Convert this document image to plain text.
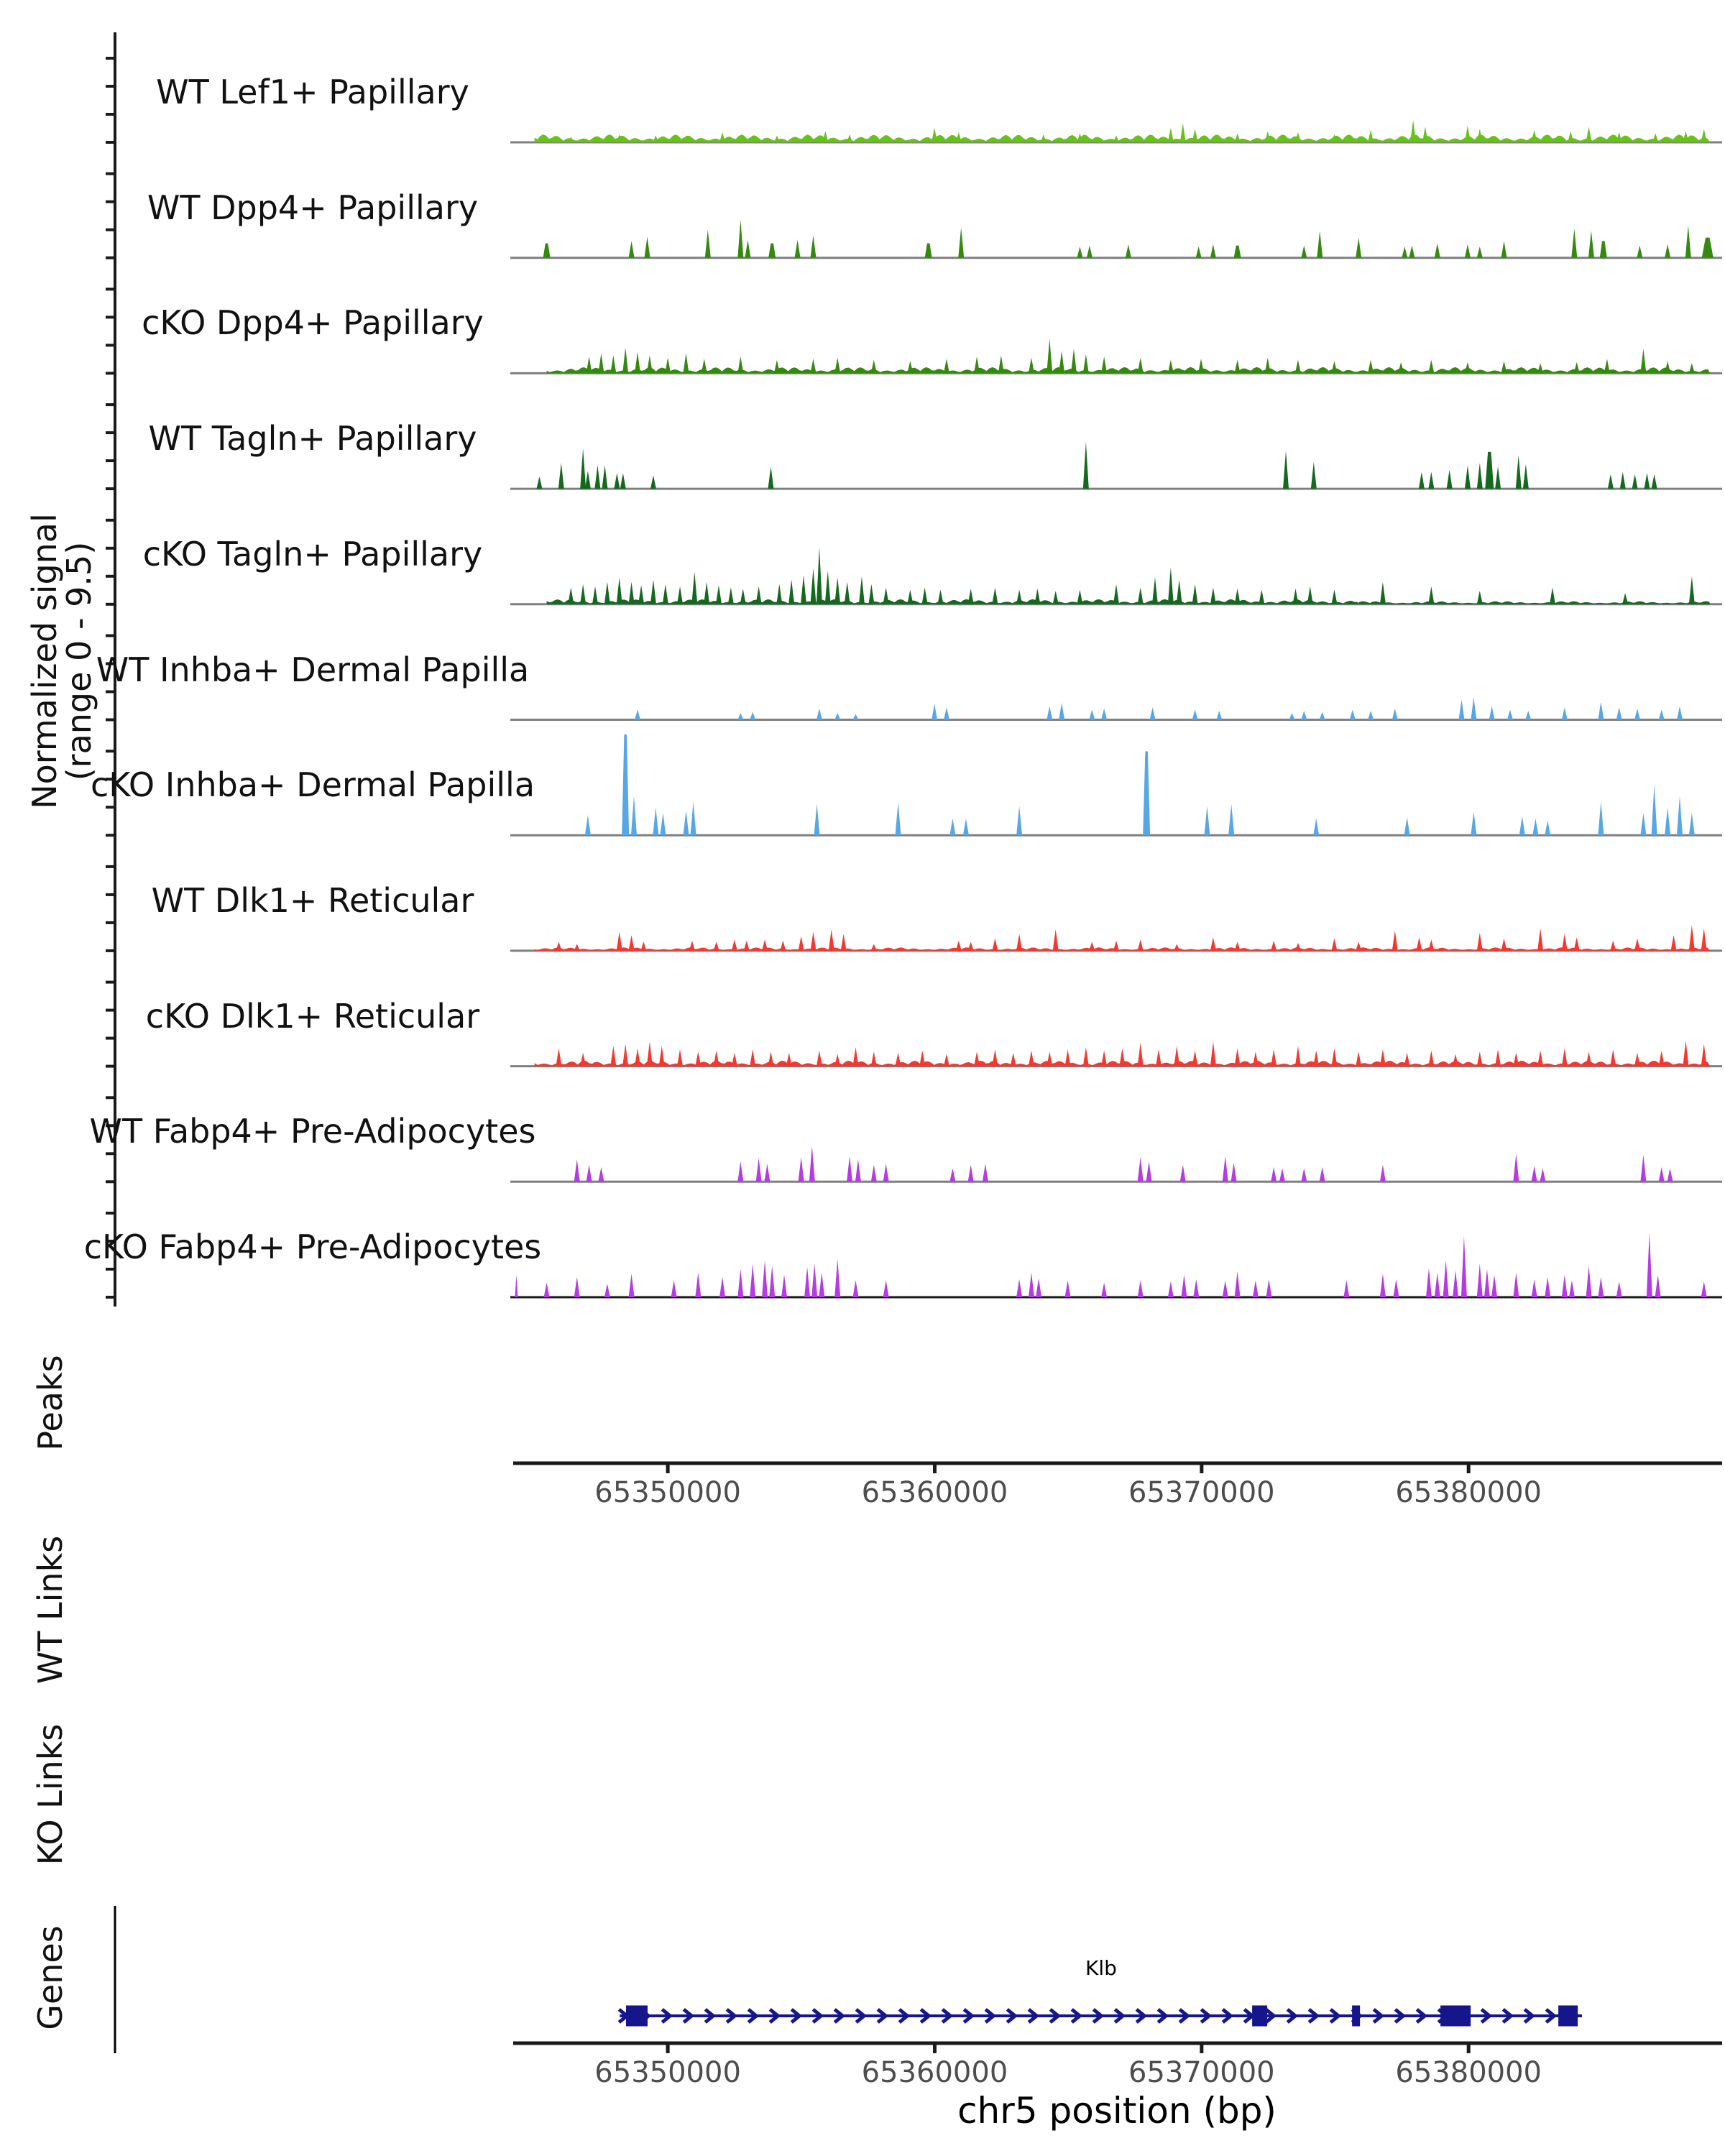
Normalized signal
(range 0 - 9.5)
Peaks
WT Links
KO Links
Genes	Klb
chr5 position (bp)
WT Lef1+ Papillary
WT Dpp4+ Papillary
cKO Dpp4+ Papillary
WT Tagln+ Papillary
cKO Tagln+ Papillary
WT Inhba+ Dermal Papilla
cKO Inhba+ Dermal Papilla
WT Dlk1+ Reticular
cKO Dlk1+ Reticular
WT Fabp4+ Pre-Adipocytes
cKO Fabp4+ Pre-Adipocytes
65350000	65360000	65370000	65380000
65350000	65360000	65370000	65380000
